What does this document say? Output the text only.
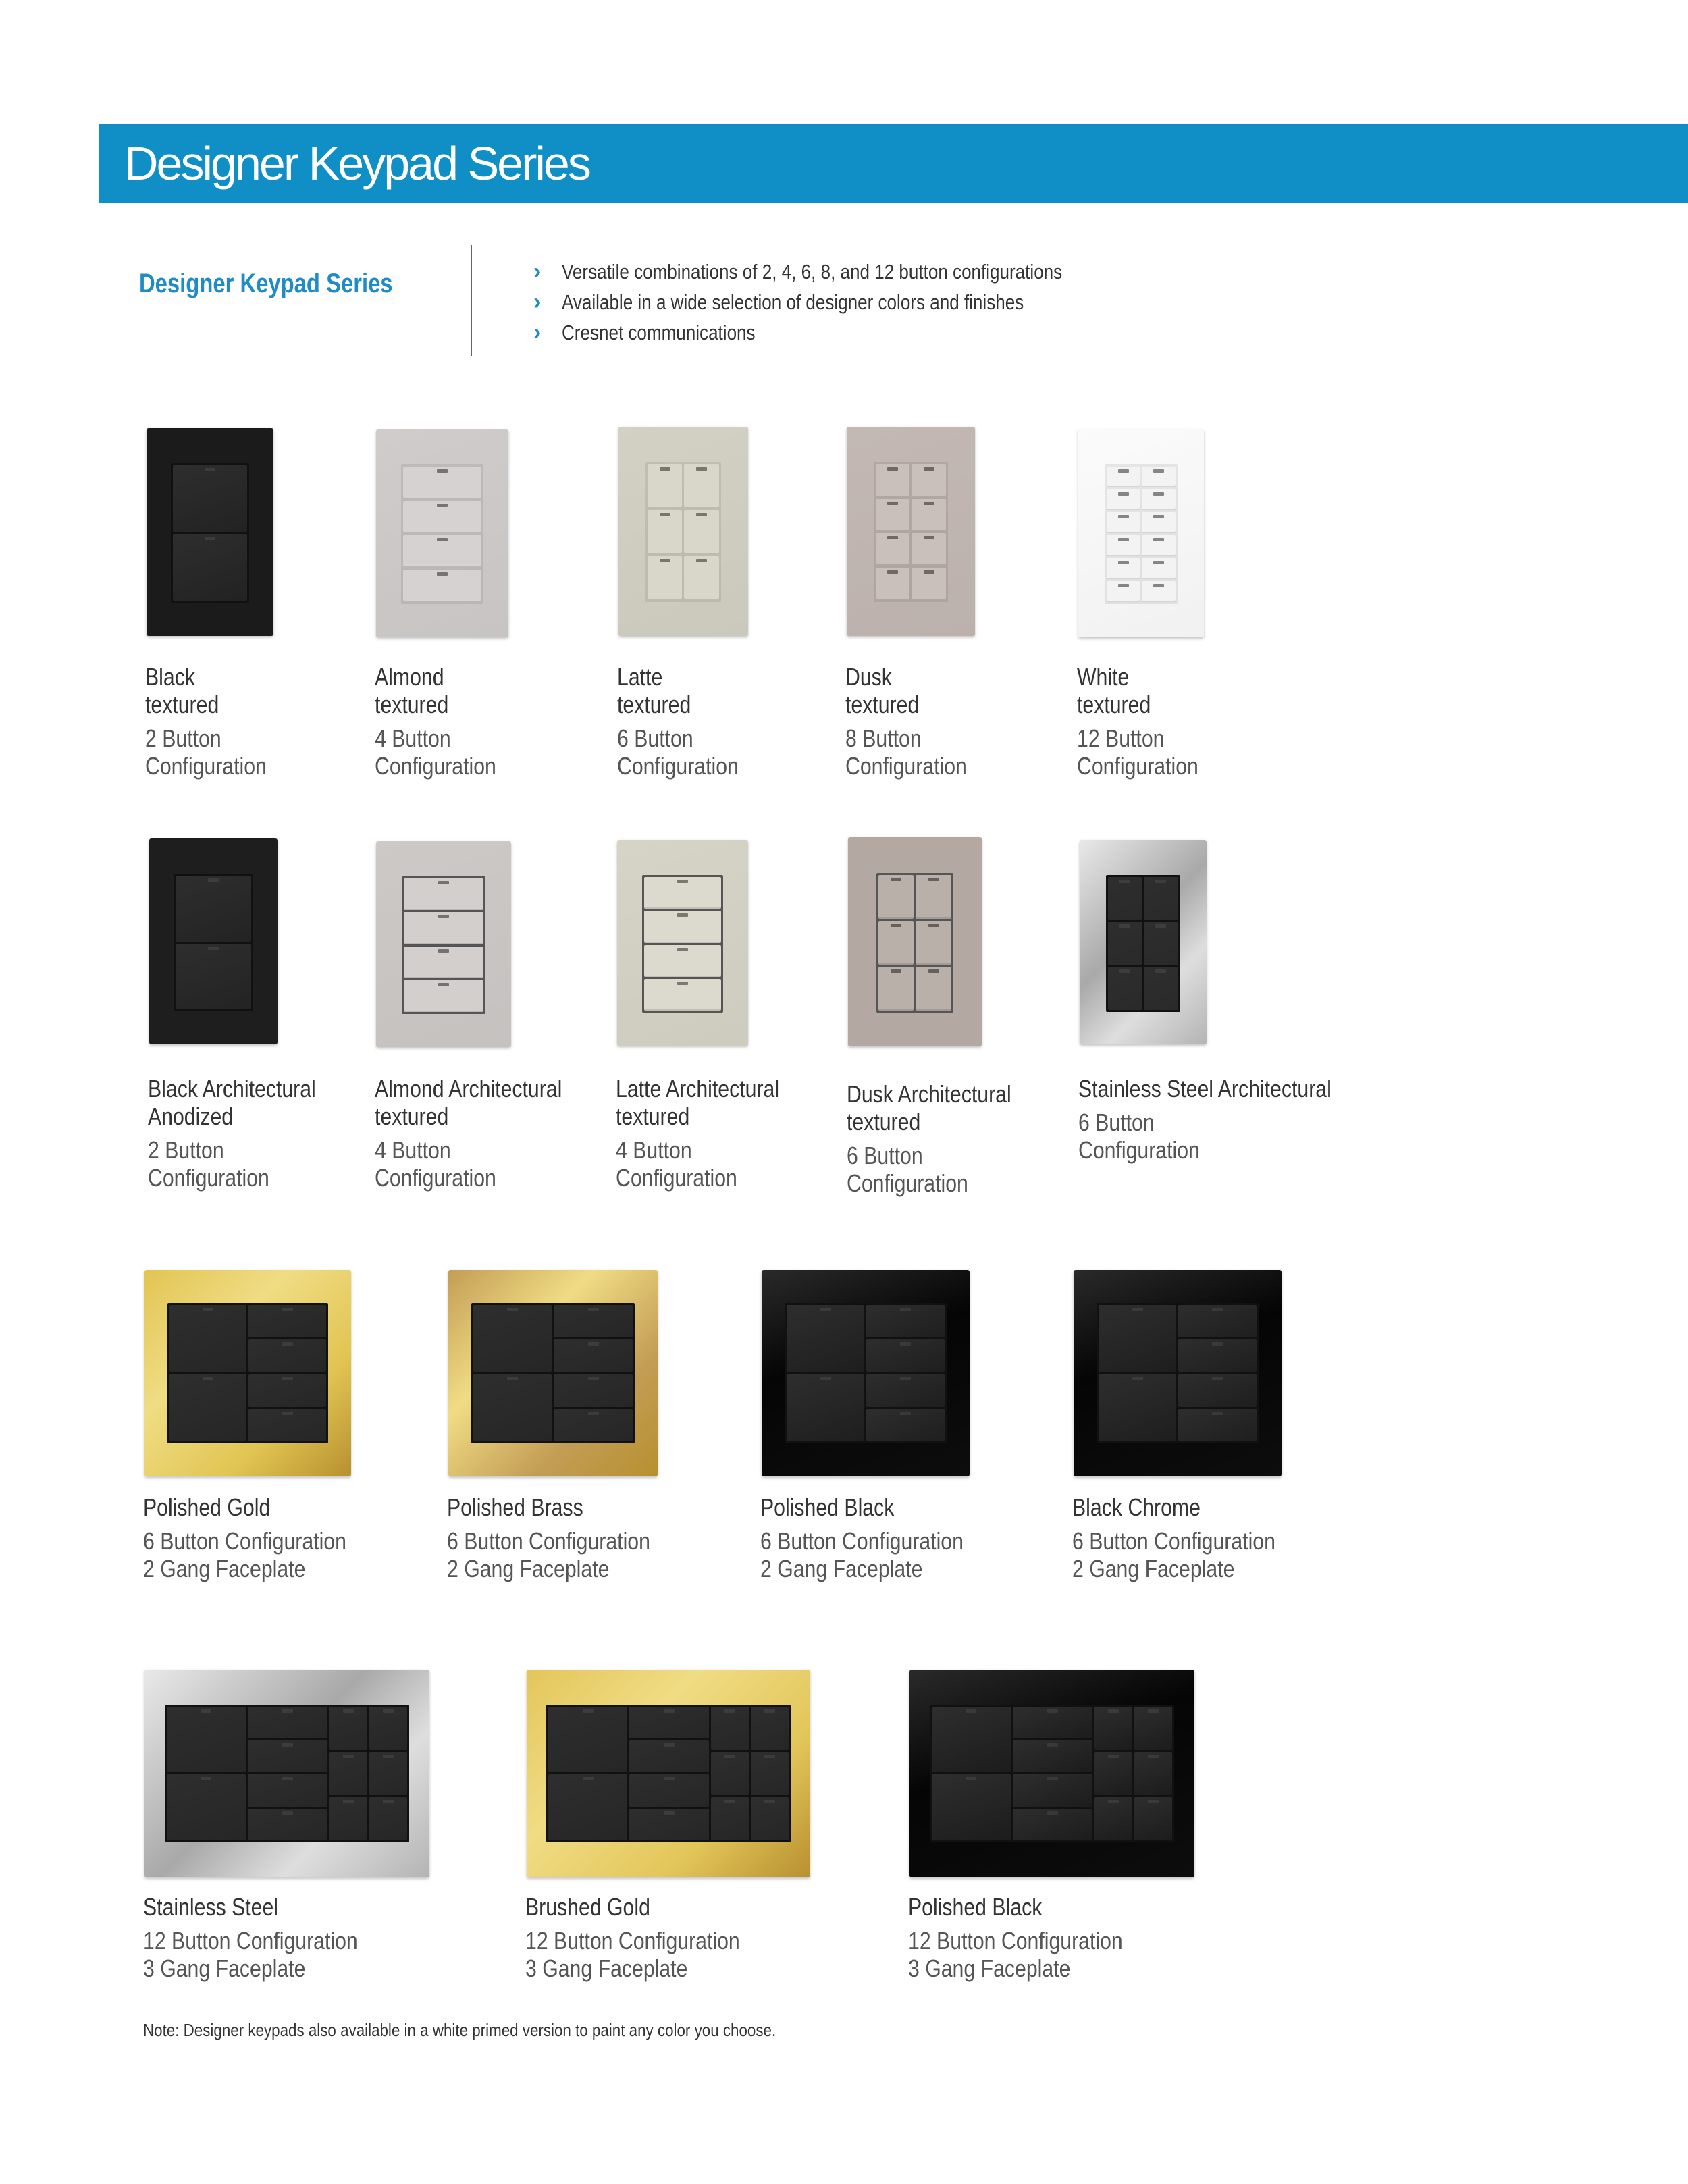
Designer Keypad Series
Designer Keypad Series	› Versatile combinations of 2, 4, 6, 8, and 12 button configurations
› Available in a wide selection of designer colors and finishes
› Cresnet communications
Black
textured
2 Button
Configuration
Almond
textured
4 Button
Configuration
Latte
textured
6 Button
Configuration
Dusk
textured
8 Button
Configuration
White
textured
12 Button
Configuration
Black Architectural
Anodized
2 Button
Configuration
Almond Architectural
textured
4 Button
Configuration
Latte Architectural
textured
4 Button
Configuration
Dusk Architectural
textured
6 Button
Configuration
Stainless Steel Architectural
6 Button
Configuration
Polished Gold
6 Button Configuration
2 Gang Faceplate
Polished Brass
6 Button Configuration
2 Gang Faceplate
Polished Black
6 Button Configuration
2 Gang Faceplate
Black Chrome
6 Button Configuration
2 Gang Faceplate
Stainless Steel
12 Button Configuration
3 Gang Faceplate
Brushed Gold
12 Button Configuration
3 Gang Faceplate
Polished Black
12 Button Configuration
3 Gang Faceplate
Note: Designer keypads also available in a white primed version to paint any color you choose.
